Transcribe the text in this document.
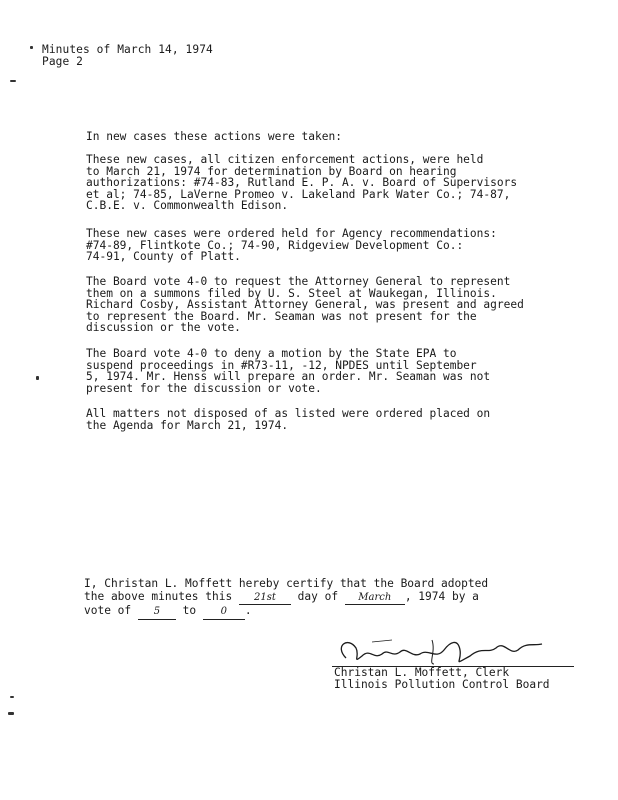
Minutes of March 14, 1974
Page 2
In new cases these actions were taken:
These new cases, all citizen enforcement actions, were held
to March 21, 1974 for determination by Board on hearing
authorizations: #74-83, Rutland E. P. A. v. Board of Supervisors
et al; 74-85, LaVerne Promeo v. Lakeland Park Water Co.; 74-87,
C.B.E. v. Commonwealth Edison.
These new cases were ordered held for Agency recommendations:
#74-89, Flintkote Co.; 74-90, Ridgeview Development Co.:
74-91, County of Platt.
The Board vote 4-0 to request the Attorney General to represent
them on a summons filed by U. S. Steel at Waukegan, Illinois.
Richard Cosby, Assistant Attorney General, was present and agreed
to represent the Board. Mr. Seaman was not present for the
discussion or the vote.
The Board vote 4-0 to deny a motion by the State EPA to
suspend proceedings in #R73-11, -12, NPDES until September
5, 1974. Mr. Henss will prepare an order. Mr. Seaman was not
present for the discussion or vote.
All matters not disposed of as listed were ordered placed on
the Agenda for March 21, 1974.
I, Christan L. Moffett hereby certify that the Board adopted
the above minutes this 21st day of March , 1974 by a
vote of 5 to 0 .
Christan L. Moffett, Clerk
Illinois Pollution Control Board
